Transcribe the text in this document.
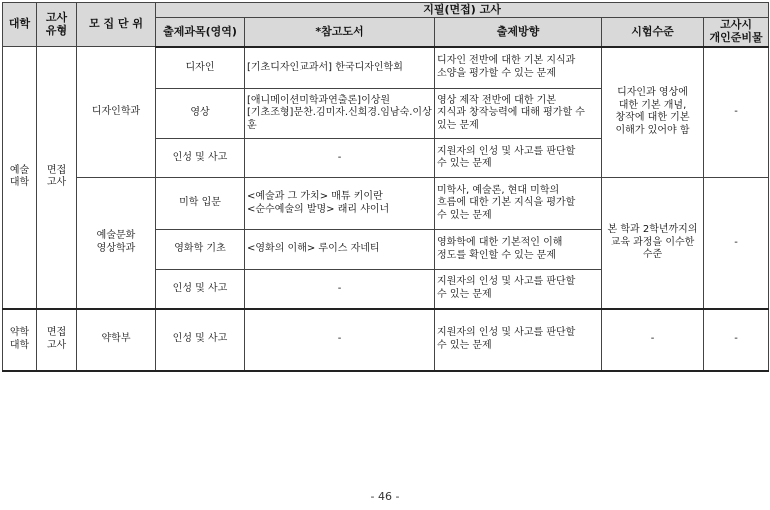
대학	고사
유형	모 집 단 위	지필(면접) 고사				
			출제과목(영역)	*참고도서	출제방향	시험수준	고사시
개인준비물
예술
대학	면접
고사	디자인학과	디자인	[기초디자인교과서] 한국디자인학회	디자인 전반에 대한 기본 지식과
소양을 평가할 수 있는 문제	디자인과 영상에
대한 기본 개념,
창작에 대한 기본
이해가 있어야 함	-
			영상	[애니메이션미학과연출론]이상원
[기초조형]문찬.김미자.신희경.임남숙.이상훈	영상 제작 전반에 대한 기본
지식과 창작능력에 대해 평가할 수
있는 문제		
			인성 및 사고	-	지원자의 인성 및 사고를 판단할
수 있는 문제		
		예술문화
영상학과	미학 입문	<예술과 그 가치> 매튜 키이란
<순수예술의 발명> 래리 샤이너	미학사, 예술론, 현대 미학의
흐름에 대한 기본 지식을 평가할
수 있는 문제	본 학과 2학년까지의
교육 과정을 이수한
수준	-
			영화학 기초	<영화의 이해> 루이스 자네티	영화학에 대한 기본적인 이해
정도를 확인할 수 있는 문제		
			인성 및 사고	-	지원자의 인성 및 사고를 판단할
수 있는 문제		
약학
대학	면접
고사	약학부	인성 및 사고	-	지원자의 인성 및 사고를 판단할
수 있는 문제	-	-
- 46 -
